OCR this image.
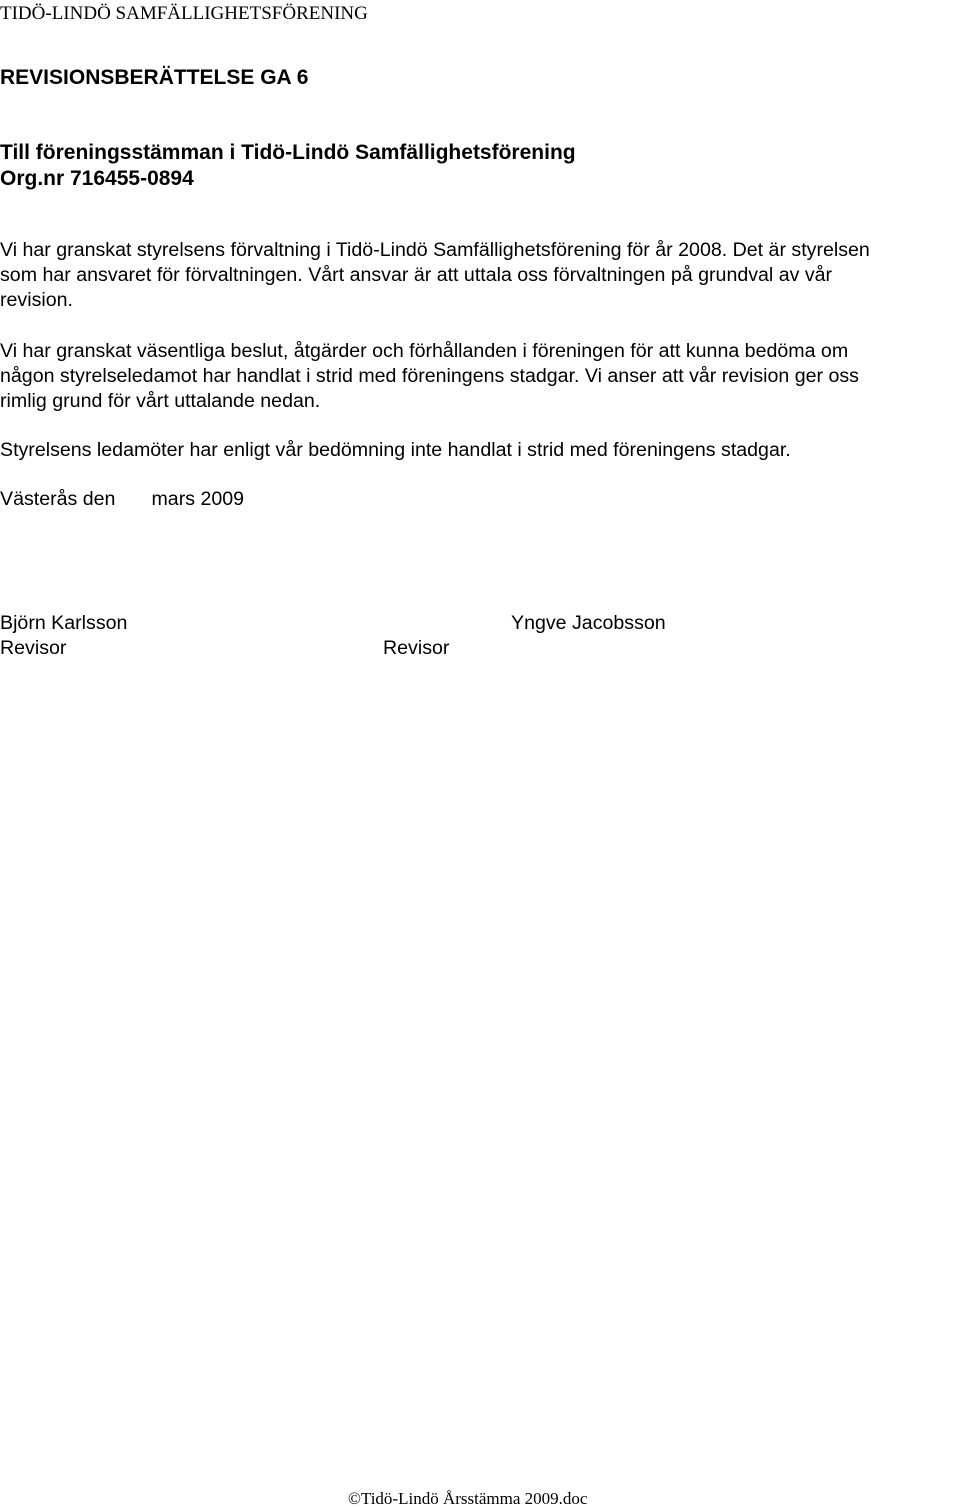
TIDÖ-LINDÖ SAMFÄLLIGHETSFÖRENING
REVISIONSBERÄTTELSE GA 6
Till föreningsstämman i Tidö-Lindö Samfällighetsförening
Org.nr 716455-0894
Vi har granskat styrelsens förvaltning i Tidö-Lindö Samfällighetsförening för år 2008. Det är styrelsen
som har ansvaret för förvaltningen. Vårt ansvar är att uttala oss förvaltningen på grundval av vår
revision.
Vi har granskat väsentliga beslut, åtgärder och förhållanden i föreningen för att kunna bedöma om
någon styrelseledamot har handlat i strid med föreningens stadgar. Vi anser att vår revision ger oss
rimlig grund för vårt uttalande nedan.
Styrelsens ledamöter har enligt vår bedömning inte handlat i strid med föreningens stadgar.
Västerås den mars 2009
Björn Karlsson
Revisor
Yngve Jacobsson
Revisor
©Tidö-Lindö Årsstämma 2009.doc
